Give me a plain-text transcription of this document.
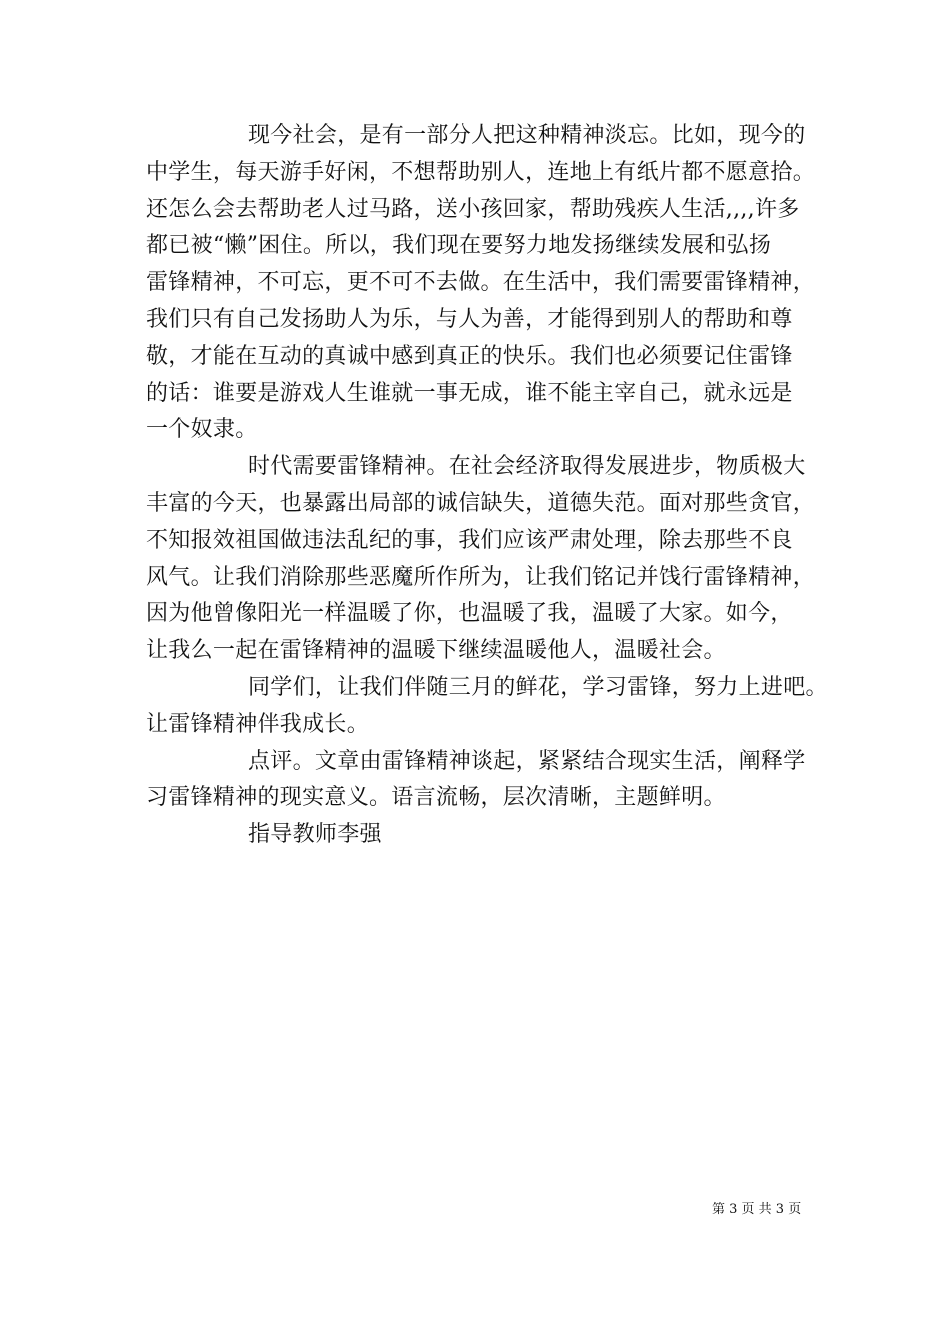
现今社会，是有一部分人把这种精神淡忘。比如，现今的
中学生，每天游手好闲，不想帮助别人，连地上有纸片都不愿意拾。
还怎么会去帮助老人过马路，送小孩回家，帮助残疾人生活,,,,许多
都已被“懒”困住。所以，我们现在要努力地发扬继续发展和弘扬
雷锋精神，不可忘，更不可不去做。在生活中，我们需要雷锋精神，
我们只有自己发扬助人为乐，与人为善，才能得到别人的帮助和尊
敬，才能在互动的真诚中感到真正的快乐。我们也必须要记住雷锋
的话：谁要是游戏人生谁就一事无成，谁不能主宰自己，就永远是
一个奴隶。

时代需要雷锋精神。在社会经济取得发展进步，物质极大
丰富的今天，也暴露出局部的诚信缺失，道德失范。面对那些贪官，
不知报效祖国做违法乱纪的事，我们应该严肃处理，除去那些不良
风气。让我们消除那些恶魔所作所为，让我们铭记并饯行雷锋精神，
因为他曾像阳光一样温暖了你，也温暖了我，温暖了大家。如今，
让我么一起在雷锋精神的温暖下继续温暖他人，温暖社会。

同学们，让我们伴随三月的鲜花，学习雷锋，努力上进吧。
让雷锋精神伴我成长。

点评。文章由雷锋精神谈起，紧紧结合现实生活，阐释学
习雷锋精神的现实意义。语言流畅，层次清晰，主题鲜明。

指导教师李强

第 3 页 共 3 页
